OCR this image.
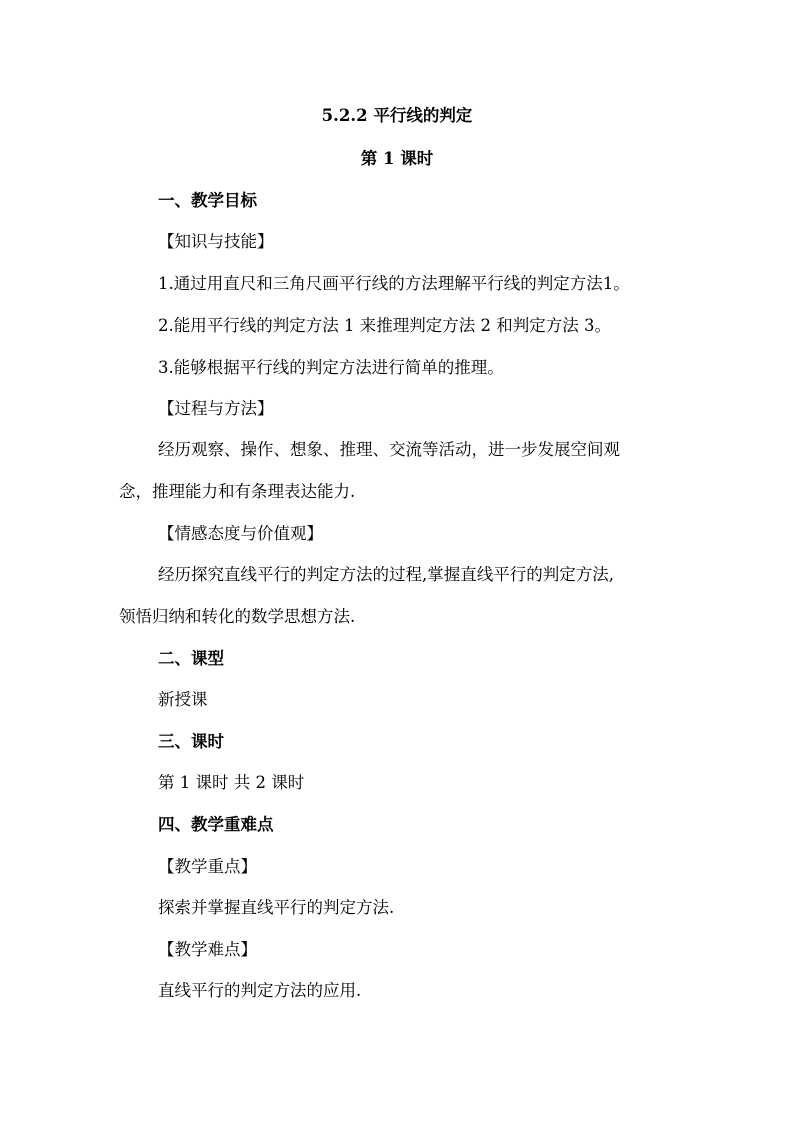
5.2.2 平行线的判定
第 1 课时
一、教学目标
【知识与技能】
1.通过用直尺和三角尺画平行线的方法理解平行线的判定方法1。
2.能用平行线的判定方法 1 来推理判定方法 2 和判定方法 3。
3.能够根据平行线的判定方法进行简单的推理。
【过程与方法】
经历观察、操作、想象、推理、交流等活动，进一步发展空间观
念，推理能力和有条理表达能力.
【情感态度与价值观】
经历探究直线平行的判定方法的过程,掌握直线平行的判定方法,
领悟归纳和转化的数学思想方法.
二、课型
新授课
三、课时
第 1 课时 共 2 课时
四、教学重难点
【教学重点】
探索并掌握直线平行的判定方法.
【教学难点】
直线平行的判定方法的应用.
